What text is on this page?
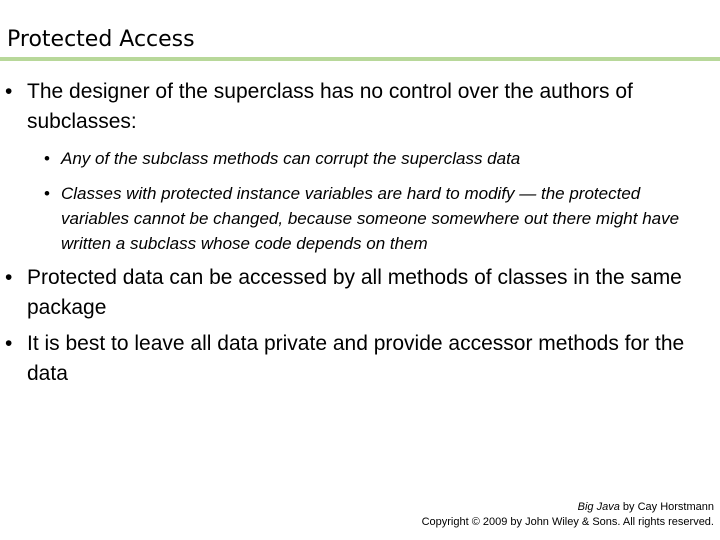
Protected Access
• The designer of the superclass has no control over the authors of subclasses:
• Any of the subclass methods can corrupt the superclass data
• Classes with protected instance variables are hard to modify — the protected variables cannot be changed, because someone somewhere out there might have written a subclass whose code depends on them
• Protected data can be accessed by all methods of classes in the same package
• It is best to leave all data private and provide accessor methods for the data
Big Java by Cay Horstmann
Copyright © 2009 by John Wiley & Sons. All rights reserved.
